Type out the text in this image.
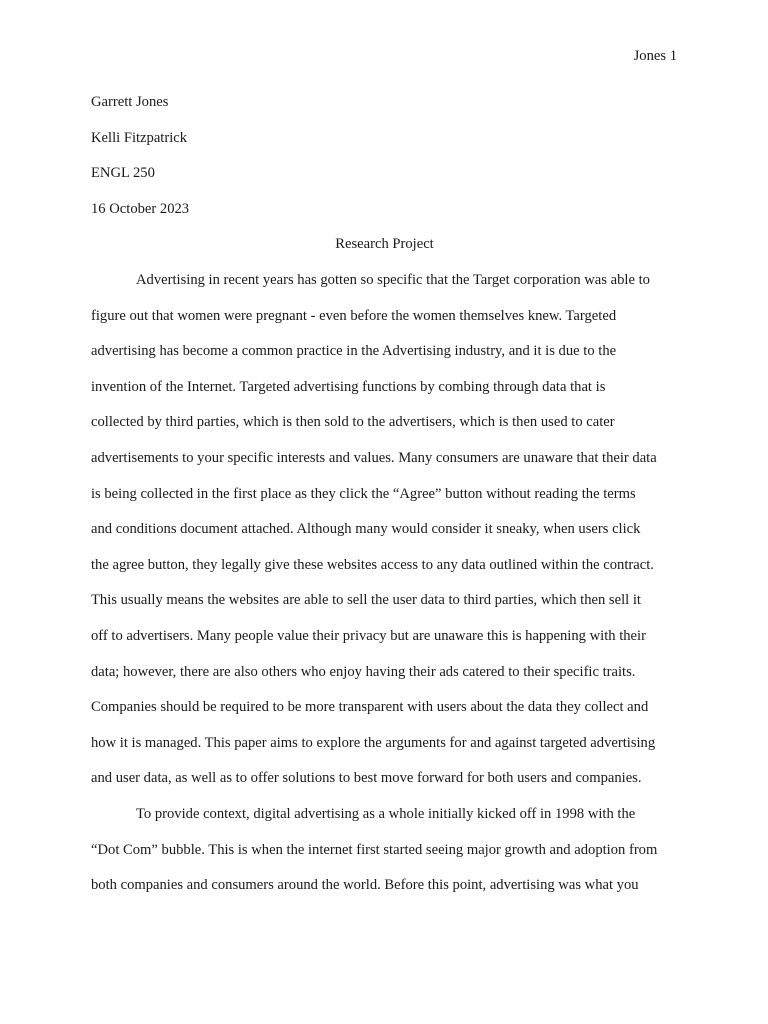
Jones 1
Garrett Jones
Kelli Fitzpatrick
ENGL 250
16 October 2023
Research Project
Advertising in recent years has gotten so specific that the Target corporation was able to
figure out that women were pregnant - even before the women themselves knew. Targeted
advertising has become a common practice in the Advertising industry, and it is due to the
invention of the Internet. Targeted advertising functions by combing through data that is
collected by third parties, which is then sold to the advertisers, which is then used to cater
advertisements to your specific interests and values. Many consumers are unaware that their data
is being collected in the first place as they click the “Agree” button without reading the terms
and conditions document attached. Although many would consider it sneaky, when users click
the agree button, they legally give these websites access to any data outlined within the contract.
This usually means the websites are able to sell the user data to third parties, which then sell it
off to advertisers. Many people value their privacy but are unaware this is happening with their
data; however, there are also others who enjoy having their ads catered to their specific traits.
Companies should be required to be more transparent with users about the data they collect and
how it is managed. This paper aims to explore the arguments for and against targeted advertising
and user data, as well as to offer solutions to best move forward for both users and companies.
To provide context, digital advertising as a whole initially kicked off in 1998 with the
“Dot Com” bubble. This is when the internet first started seeing major growth and adoption from
both companies and consumers around the world. Before this point, advertising was what you
